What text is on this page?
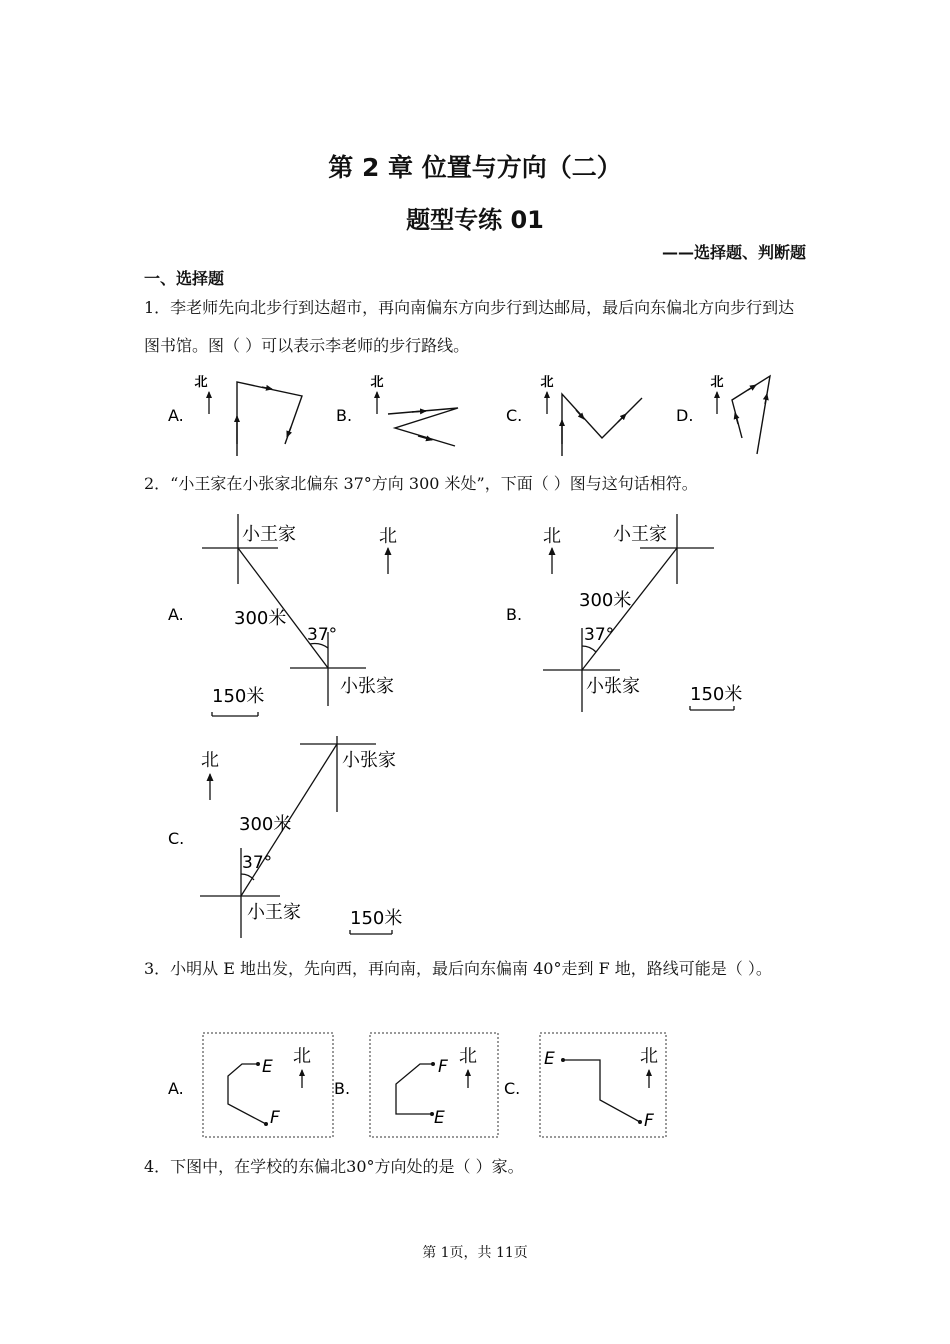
第 2 章 位置与方向（二）
题型专练 01
——选择题、判断题
一、选择题
1．李老师先向北步行到达超市，再向南偏东方向步行到达邮局，最后向东偏北方向步行到达图书馆。图（ ）可以表示李老师的步行路线。
A.	B.	C.	D.
北	北	北	北
2．“小王家在小张家北偏东 37°方向 300 米处”，下面（ ）图与这句话相符。
A.
小王家	北
300米
37°
小张家
150米
B.
小王家
北
300米
37°
小张家	150米
C.
小张家
北
300米
37°
小王家	150米
3．小明从 E 地出发，先向西，再向南，最后向东偏南 40°走到 F 地，路线可能是（ ）。
A.
E
F
北
B.
F
E
北
C.
E
F
北
4．下图中，在学校的东偏北30°方向处的是（ ）家。
第 1页，共 11页
